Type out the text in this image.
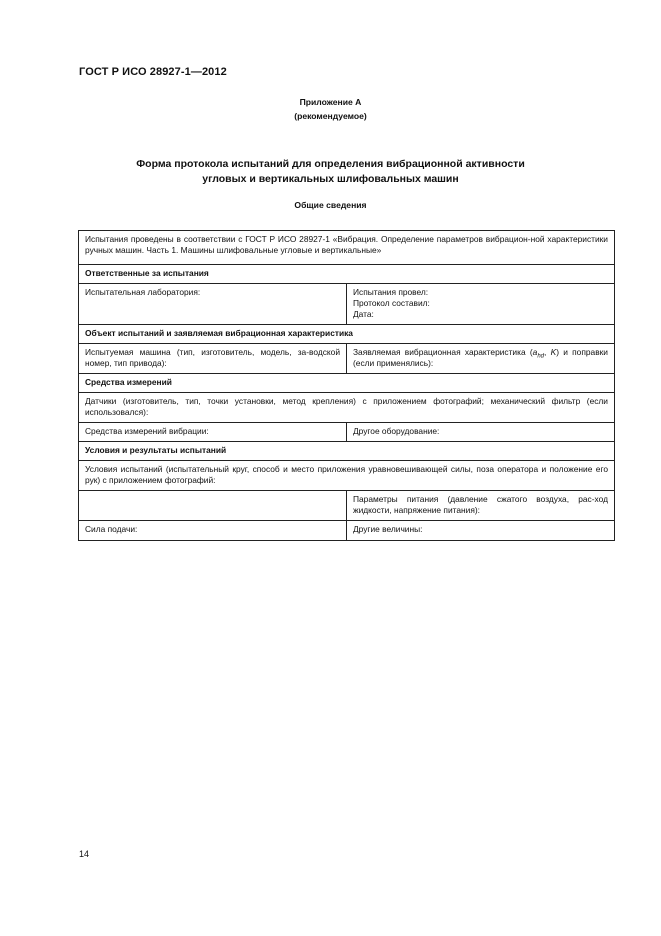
ГОСТ Р ИСО 28927-1—2012
Приложение А
(рекомендуемое)
Форма протокола испытаний для определения вибрационной активности
угловых и вертикальных шлифовальных машин
Общие сведения
Испытания проведены в соответствии с ГОСТ Р ИСО 28927-1 «Вибрация. Определение параметров вибрацион-ной характеристики ручных машин. Часть 1. Машины шлифовальные угловые и вертикальные»	

Ответственные за испытания	
Испытательная лаборатория:	Испытания провел:
Протокол составил:
Дата:

Объект испытаний и заявляемая вибрационная характеристика	

Испытуемая машина (тип, изготовитель, модель, за-водской номер, тип привода):	Заявляемая вибрационная характеристика ($a_{hd}$, K) и поправки (если применялись):

Средства измерений	

Датчики (изготовитель, тип, точки установки, метод крепления) с приложением фотографий; механический фильтр (если использовался):	

Средства измерений вибрации:	Другое оборудование:
Условия и результаты испытаний	

Условия испытаний (испытательный круг, способ и место приложения уравновешивающей силы, поза оператора и положение его рук) с приложением фотографий:	

	Параметры питания (давление сжатого воздуха, рас-ход жидкости, напряжение питания):

Сила подачи:	Другие величины:
14
